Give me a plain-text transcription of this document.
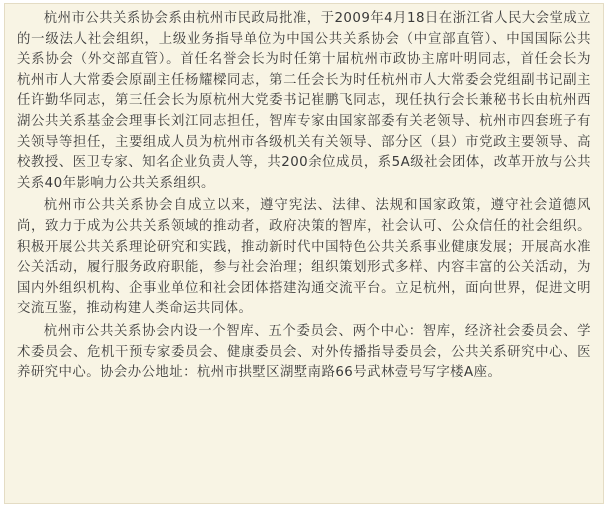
杭州市公共关系协会系由杭州市民政局批准，于2009年4月18日在浙江省人民大会堂成立的一级法人社会组织，上级业务指导单位为中国公共关系协会（中宣部直管）、中国国际公共关系协会（外交部直管）。首任名誉会长为时任第十届杭州市政协主席叶明同志，首任会长为杭州市人大常委会原副主任杨耀樑同志，第二任会长为时任杭州市人大常委会党组副书记副主任许勤华同志，第三任会长为原杭州大党委书记崔鹏飞同志，现任执行会长兼秘书长由杭州西湖公共关系基金会理事长刘江同志担任，智库专家由国家部委有关老领导、杭州市四套班子有关领导等担任，主要组成人员为杭州市各级机关有关领导、部分区（县）市党政主要领导、高校教授、医卫专家、知名企业负责人等，共200余位成员，系5A级社会团体，改革开放与公共关系40年影响力公共关系组织。

杭州市公共关系协会自成立以来，遵守宪法、法律、法规和国家政策，遵守社会道德风尚，致力于成为公共关系领域的推动者，政府决策的智库，社会认可、公众信任的社会组织。积极开展公共关系理论研究和实践，推动新时代中国特色公共关系事业健康发展；开展高水准公关活动，履行服务政府职能，参与社会治理；组织策划形式多样、内容丰富的公关活动，为国内外组织机构、企事业单位和社会团体搭建沟通交流平台。立足杭州，面向世界，促进文明交流互鉴，推动构建人类命运共同体。

杭州市公共关系协会内设一个智库、五个委员会、两个中心：智库，经济社会委员会、学术委员会、危机干预专家委员会、健康委员会、对外传播指导委员会，公共关系研究中心、医养研究中心。协会办公地址：杭州市拱墅区湖墅南路66号武林壹号写字楼A座。
